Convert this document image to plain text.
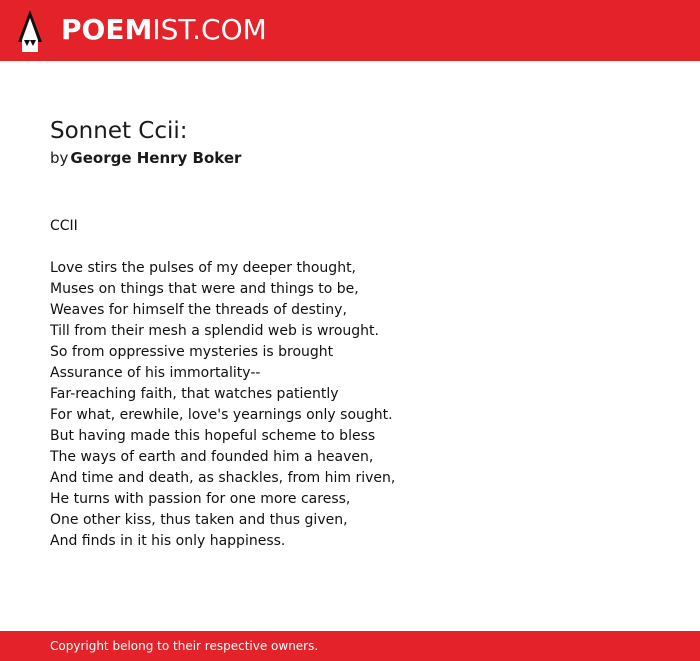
POEMIST.COM
Sonnet Ccii:
by George Henry Boker
CCII
Love stirs the pulses of my deeper thought,
Muses on things that were and things to be,
Weaves for himself the threads of destiny,
Till from their mesh a splendid web is wrought.
So from oppressive mysteries is brought
Assurance of his immortality--
Far-reaching faith, that watches patiently
For what, erewhile, love's yearnings only sought.
But having made this hopeful scheme to bless
The ways of earth and founded him a heaven,
And time and death, as shackles, from him riven,
He turns with passion for one more caress,
One other kiss, thus taken and thus given,
And finds in it his only happiness.
Copyright belong to their respective owners.
